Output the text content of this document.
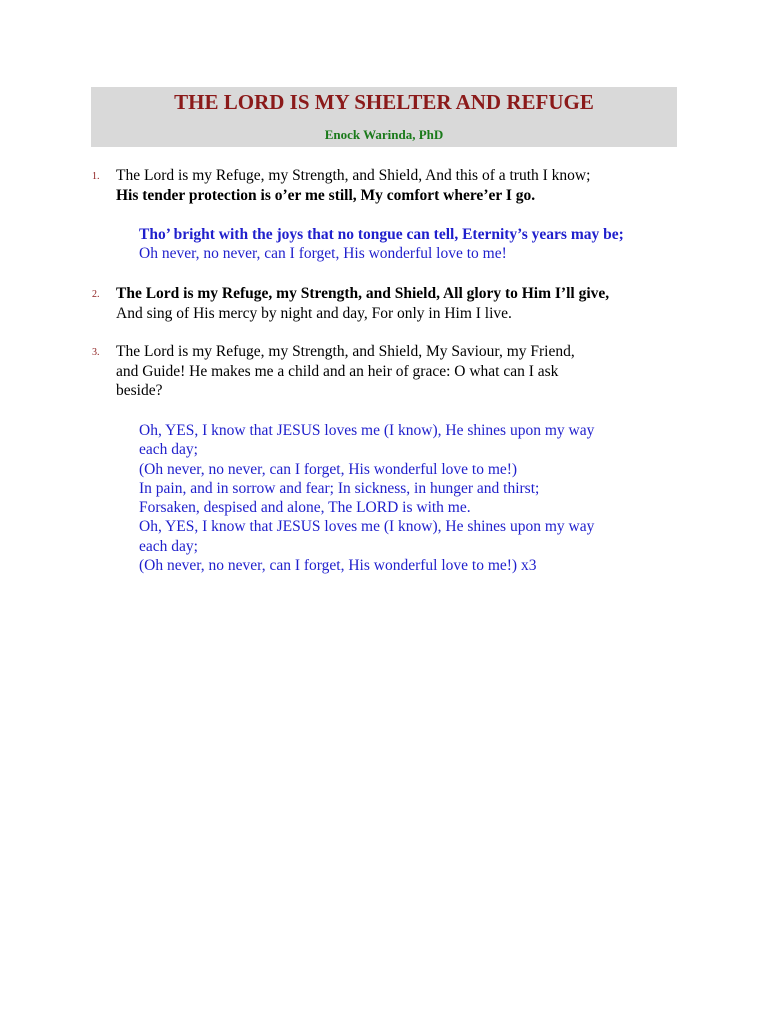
THE LORD IS MY SHELTER AND REFUGE
Enock Warinda, PhD
1. The Lord is my Refuge, my Strength, and Shield, And this of a truth I know;
His tender protection is o’er me still, My comfort where’er I go.
Tho’ bright with the joys that no tongue can tell, Eternity’s years may be;
Oh never, no never, can I forget, His wonderful love to me!
2. The Lord is my Refuge, my Strength, and Shield, All glory to Him I’ll give,
And sing of His mercy by night and day, For only in Him I live.
3. The Lord is my Refuge, my Strength, and Shield, My Saviour, my Friend,
and Guide! He makes me a child and an heir of grace: O what can I ask
beside?
Oh, YES, I know that JESUS loves me (I know), He shines upon my way
each day;
(Oh never, no never, can I forget, His wonderful love to me!)
In pain, and in sorrow and fear; In sickness, in hunger and thirst;
Forsaken, despised and alone, The LORD is with me.
Oh, YES, I know that JESUS loves me (I know), He shines upon my way
each day;
(Oh never, no never, can I forget, His wonderful love to me!) x3
